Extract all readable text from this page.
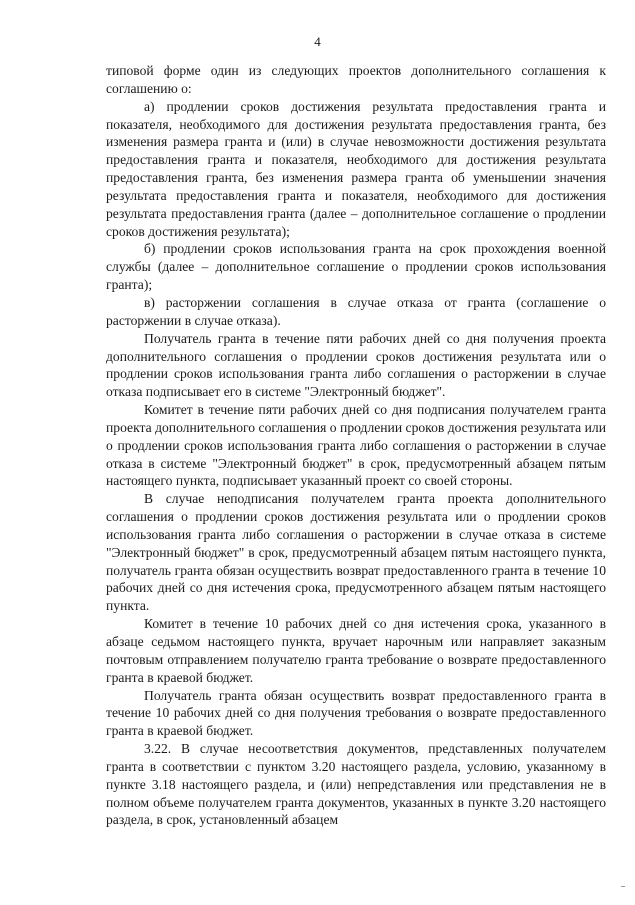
4

типовой форме один из следующих проектов дополнительного соглашения к соглашению о:

а) продлении сроков достижения результата предоставления гранта и показателя, необходимого для достижения результата предоставления гранта, без изменения размера гранта и (или) в случае невозможности достижения результата предоставления гранта и показателя, необходимого для достижения результата предоставления гранта, без изменения размера гранта об уменьшении значения результата предоставления гранта и показателя, необходимого для достижения результата предоставления гранта (далее – дополнительное соглашение о продлении сроков достижения результата);

б) продлении сроков использования гранта на срок прохождения военной службы (далее – дополнительное соглашение о продлении сроков использования гранта);

в) расторжении соглашения в случае отказа от гранта (соглашение о расторжении в случае отказа).

Получатель гранта в течение пяти рабочих дней со дня получения проекта дополнительного соглашения о продлении сроков достижения результата или о продлении сроков использования гранта либо соглашения о расторжении в случае отказа подписывает его в системе "Электронный бюджет".

Комитет в течение пяти рабочих дней со дня подписания получателем гранта проекта дополнительного соглашения о продлении сроков достижения результата или о продлении сроков использования гранта либо соглашения о расторжении в случае отказа в системе "Электронный бюджет" в срок, предусмотренный абзацем пятым настоящего пункта, подписывает указанный проект со своей стороны.

В случае неподписания получателем гранта проекта дополнительного соглашения о продлении сроков достижения результата или о продлении сроков использования гранта либо соглашения о расторжении в случае отказа в системе "Электронный бюджет" в срок, предусмотренный абзацем пятым настоящего пункта, получатель гранта обязан осуществить возврат предоставленного гранта в течение 10 рабочих дней со дня истечения срока, предусмотренного абзацем пятым настоящего пункта.

Комитет в течение 10 рабочих дней со дня истечения срока, указанного в абзаце седьмом настоящего пункта, вручает нарочным или направляет заказным почтовым отправлением получателю гранта требование о возврате предоставленного гранта в краевой бюджет.

Получатель гранта обязан осуществить возврат предоставленного гранта в течение 10 рабочих дней со дня получения требования о возврате предоставленного гранта в краевой бюджет.

3.22. В случае несоответствия документов, представленных получателем гранта в соответствии с пунктом 3.20 настоящего раздела, условию, указанному в пункте 3.18 настоящего раздела, и (или) непредставления или представления не в полном объеме получателем гранта документов, указанных в пункте 3.20 настоящего раздела, в срок, установленный абзацем
